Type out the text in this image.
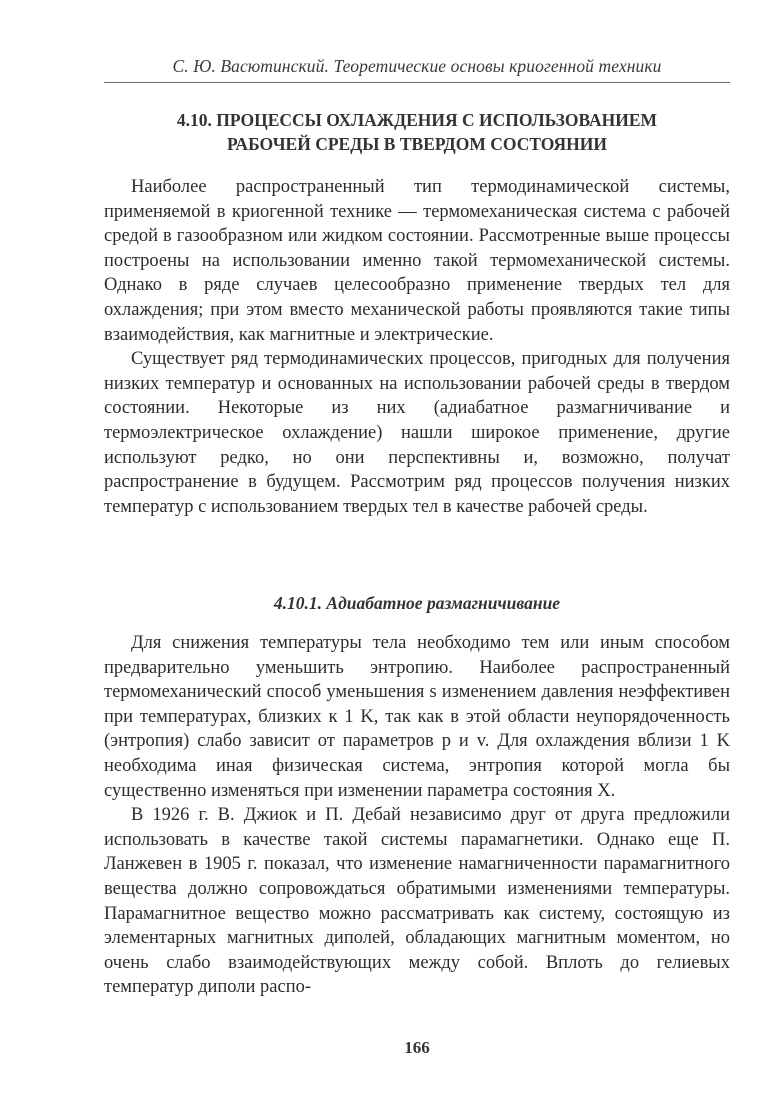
С. Ю. Васютинский. Теоретические основы криогенной техники
4.10. ПРОЦЕССЫ ОХЛАЖДЕНИЯ С ИСПОЛЬЗОВАНИЕМ
РАБОЧЕЙ СРЕДЫ В ТВЕРДОМ СОСТОЯНИИ

Наиболее распространенный тип термодинамической системы, применяемой в криогенной технике — термомеханическая система с рабочей средой в газообразном или жидком состоянии. Рассмотренные выше процессы построены на использовании именно такой термомеханической системы. Однако в ряде случаев целесообразно применение твердых тел для охлаждения; при этом вместо механической работы проявляются такие типы взаимодействия, как магнитные и электрические.

Существует ряд термодинамических процессов, пригодных для получения низких температур и основанных на использовании рабочей среды в твердом состоянии. Некоторые из них (адиабатное размагничивание и термоэлектрическое охлаждение) нашли широкое применение, другие используют редко, но они перспективны и, возможно, получат распространение в будущем. Рассмотрим ряд процессов получения низких температур с использованием твердых тел в качестве рабочей среды.

4.10.1. Адиабатное размагничивание

Для снижения температуры тела необходимо тем или иным способом предварительно уменьшить энтропию. Наиболее распространенный термомеханический способ уменьшения s изменением давления неэффективен при температурах, близких к 1 K, так как в этой области неупорядоченность (энтропия) слабо зависит от параметров p и v. Для охлаждения вблизи 1 K необходима иная физическая система, энтропия которой могла бы существенно изменяться при изменении параметра состояния X.

В 1926 г. В. Джиок и П. Дебай независимо друг от друга предложили использовать в качестве такой системы парамагнетики. Однако еще П. Ланжевен в 1905 г. показал, что изменение намагниченности парамагнитного вещества должно сопровождаться обратимыми изменениями температуры. Парамагнитное вещество можно рассматривать как систему, состоящую из элементарных магнитных диполей, обладающих магнитным моментом, но очень слабо взаимодействующих между собой. Вплоть до гелиевых температур диполи распо-

166
